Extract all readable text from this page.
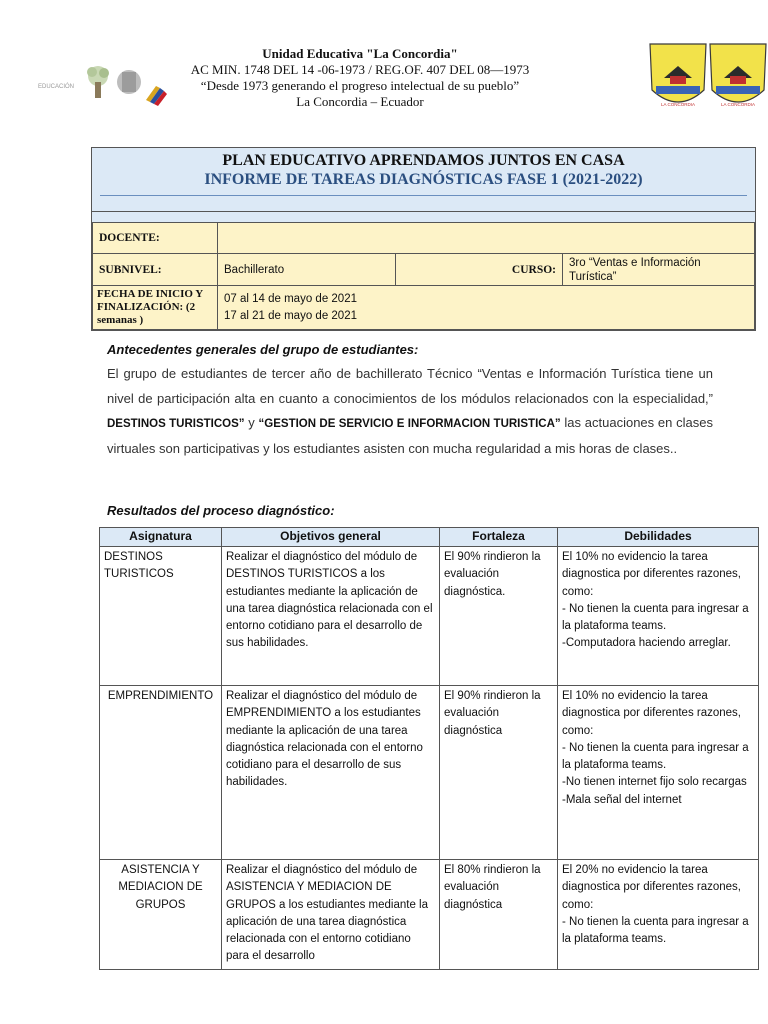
EDUCACIÓN
Unidad Educativa "La Concordia"
AC MIN. 1748 DEL 14 -06-1973 / REG.OF. 407 DEL 08—1973
“Desde 1973 generando el progreso intelectual de su pueblo”
La Concordia – Ecuador	LA CONCORDIA	LA CONCORDIA
PLAN EDUCATIVO APRENDAMOS JUNTOS EN CASA
INFORME DE TAREAS DIAGNÓSTICAS FASE 1 (2021-2022)
DOCENTE:			
SUBNIVEL:	Bachillerato	CURSO:	3ro “Ventas e Información Turística”
FECHA DE INICIO Y FINALIZACIÓN: (2 semanas )	07 al 14 de mayo de 2021
17 al 21 de mayo de 2021		
Antecedentes generales del grupo de estudiantes:
El grupo de estudiantes de tercer año de bachillerato Técnico “Ventas e Información Turística tiene un nivel de participación alta en cuanto a conocimientos de los módulos relacionados con la especialidad,” DESTINOS TURISTICOS” y “GESTION DE SERVICIO E INFORMACION TURISTICA” las actuaciones en clases virtuales son participativas y los estudiantes asisten con mucha regularidad a mis horas de clases..
Resultados del proceso diagnóstico:
Asignatura	Objetivos general	Fortaleza	Debilidades
DESTINOS TURISTICOS	Realizar el diagnóstico del módulo de DESTINOS TURISTICOS a los estudiantes mediante la aplicación de una tarea diagnóstica relacionada con el entorno cotidiano para el desarrollo de sus habilidades.	El 90% rindieron la evaluación diagnóstica.	El 10% no evidencio la tarea diagnostica por diferentes razones, como:
- No tienen la cuenta para ingresar a la plataforma teams.
-Computadora haciendo arreglar.

EMPRENDIMIENTO	Realizar el diagnóstico del módulo de EMPRENDIMIENTO a los estudiantes mediante la aplicación de una tarea diagnóstica relacionada con el entorno cotidiano para el desarrollo de sus habilidades.	El 90% rindieron la evaluación diagnóstica	El 10% no evidencio la tarea diagnostica por diferentes razones, como:
- No tienen la cuenta para ingresar a la plataforma teams.
-No tienen internet fijo solo recargas
-Mala señal del internet

ASISTENCIA Y MEDIACION DE GRUPOS	Realizar el diagnóstico del módulo de ASISTENCIA Y MEDIACION DE GRUPOS a los estudiantes mediante la aplicación de una tarea diagnóstica relacionada con el entorno cotidiano para el desarrollo	El 80% rindieron la evaluación diagnóstica	El 20% no evidencio la tarea diagnostica por diferentes razones, como:
- No tienen la cuenta para ingresar a la plataforma teams.
